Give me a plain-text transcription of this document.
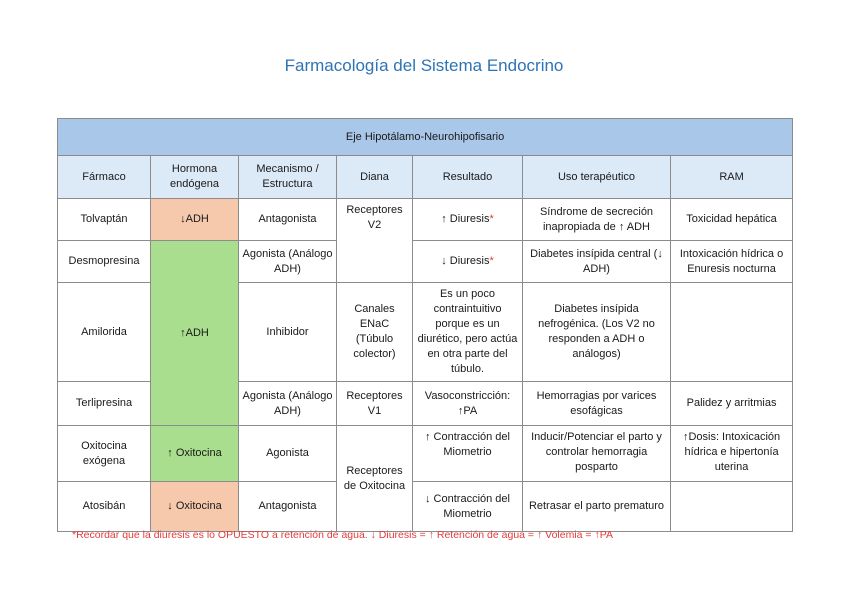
Farmacología del Sistema Endocrino
Eje Hipotálamo-Neurohipofisario						
Fármaco	Hormona endógena	Mecanismo / Estructura	Diana	Resultado	Uso terapéutico	RAM
Tolvaptán	↓ADH	Antagonista	Receptores V2	↑ Diuresis*	Síndrome de secreción inapropiada de ↑ ADH	Toxicidad hepática
Desmopresina	↑ADH	Agonista (Análogo ADH)		↓ Diuresis*	Diabetes insípida central (↓ ADH)	Intoxicación hídrica o Enuresis nocturna
Amilorida		Inhibidor	Canales ENaC (Túbulo colector)	Es un poco contraintuitivo porque es un diurético, pero actúa en otra parte del túbulo.	Diabetes insípida nefrogénica. (Los V2 no responden a ADH o análogos)	
Terlipresina		Agonista (Análogo ADH)	Receptores V1	Vasoconstricción: ↑PA	Hemorragias por varices esofágicas	Palidez y arritmias
Oxitocina exógena	↑ Oxitocina	Agonista	Receptores de Oxitocina	↑ Contracción del Miometrio	Inducir/Potenciar el parto y controlar hemorragia posparto	↑Dosis: Intoxicación hídrica e hipertonía uterina
Atosibán	↓ Oxitocina	Antagonista		↓ Contracción del Miometrio	Retrasar el parto prematuro	
*Recordar que la diuresis es lo OPUESTO a retención de agua. ↓ Diuresis = ↑ Retención de agua = ↑ Volemia = ↑PA
